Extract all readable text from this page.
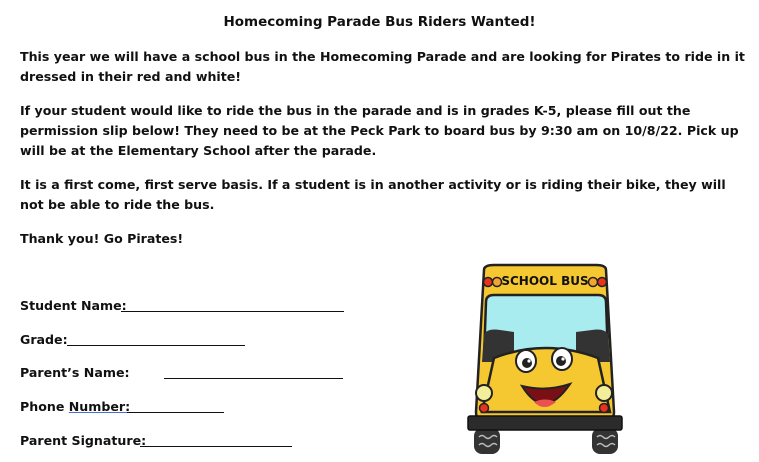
Homecoming Parade Bus Riders Wanted!
This year we will have a school bus in the Homecoming Parade and are looking for Pirates to ride in it dressed in their red and white!
If your student would like to ride the bus in the parade and is in grades K-5, please fill out the permission slip below! They need to be at the Peck Park to board bus by 9:30 am on 10/8/22. Pick up will be at the Elementary School after the parade.
It is a first come, first serve basis. If a student is in another activity or is riding their bike, they will not be able to ride the bus.
Thank you! Go Pirates!
Student Name:
Grade:
Parent’s Name:
Phone Number:
Parent Signature:
SCHOOL BUS
